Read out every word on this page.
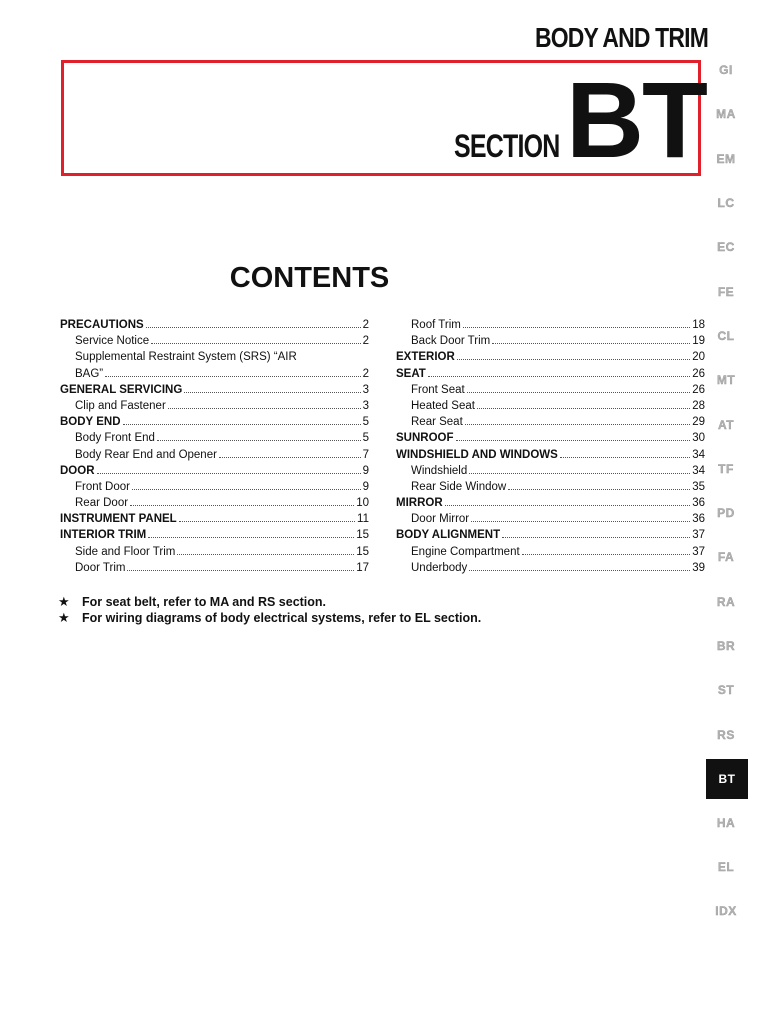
BODY AND TRIM
SECTION BT
CONTENTS
PRECAUTIONS	2
Service Notice	2
Supplemental Restraint System (SRS) “AIR
BAG”	2
GENERAL SERVICING	3
Clip and Fastener	3
BODY END	5
Body Front End	5
Body Rear End and Opener	7
DOOR	9
Front Door	9
Rear Door	10
INSTRUMENT PANEL	11
INTERIOR TRIM	15
Side and Floor Trim	15
Door Trim	17
Roof Trim	18
Back Door Trim	19
EXTERIOR	20
SEAT	26
Front Seat	26
Heated Seat	28
Rear Seat	29
SUNROOF	30
WINDSHIELD AND WINDOWS	34
Windshield	34
Rear Side Window	35
MIRROR	36
Door Mirror	36
BODY ALIGNMENT	37
Engine Compartment	37
Underbody	39
★ For seat belt, refer to MA and RS section.
★ For wiring diagrams of body electrical systems, refer to EL section.
GI
MA
EM
LC
EC
FE
CL
MT
AT
TF
PD
FA
RA
BR
ST
RS
BT
HA
EL
IDX
